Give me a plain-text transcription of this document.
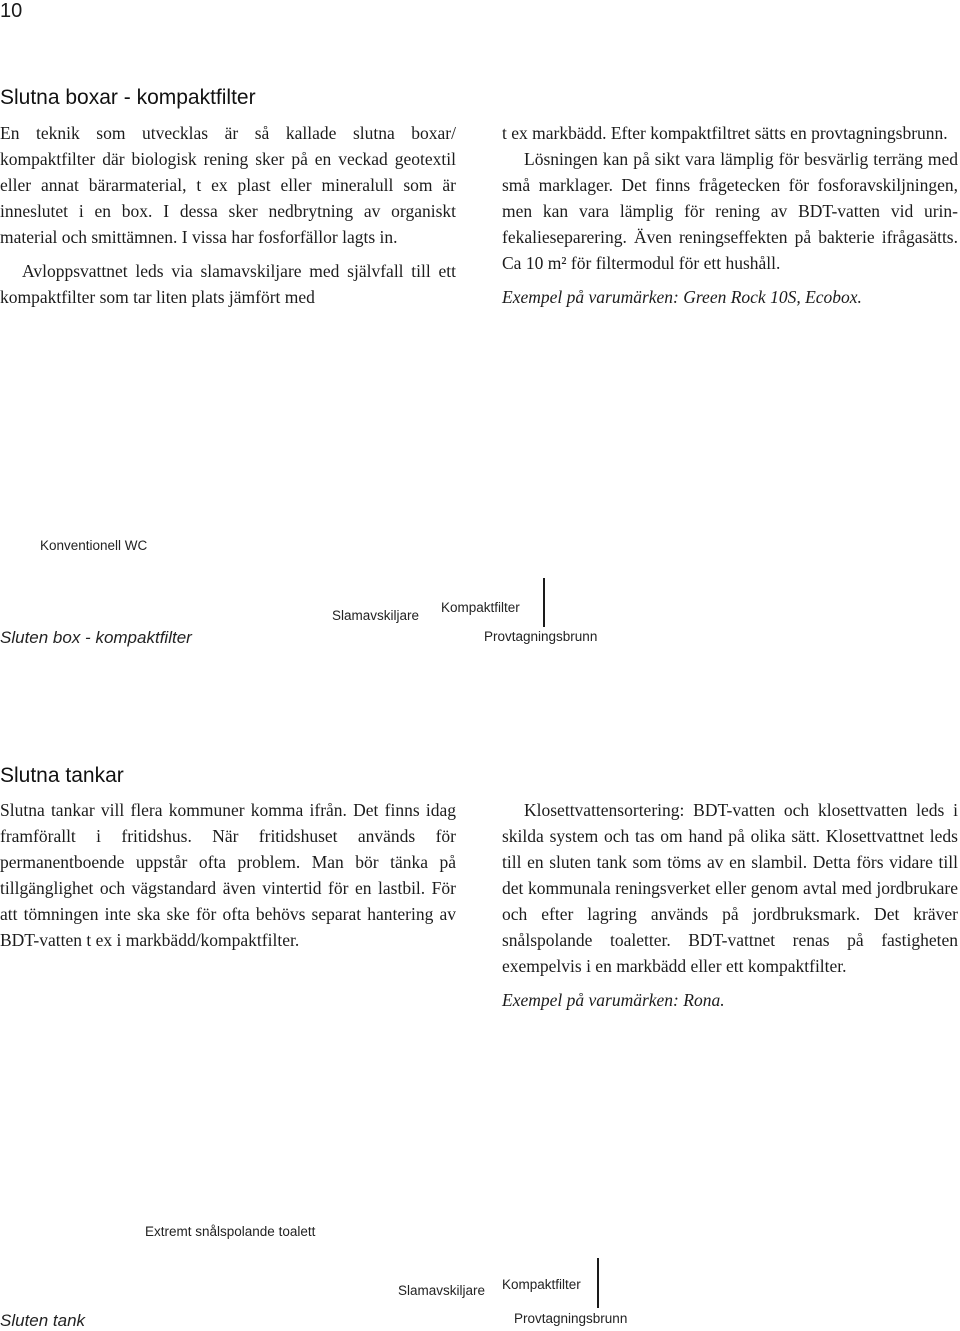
10
Slutna boxar - kompaktfilter

En teknik som utvecklas är så kallade slutna boxar/ kompaktfilter där biologisk rening sker på en veckad geotextil eller annat bärarmaterial, t ex plast eller mineralull som är inneslutet i en box. I dessa sker nedbrytning av organiskt material och smittämnen. I vissa har fosforfällor lagts in.

Avloppsvattnet leds via slamavskiljare med självfall till ett kompaktfilter som tar liten plats jämfört med

t ex markbädd. Efter kompaktfiltret sätts en provtagningsbrunn.

Lösningen kan på sikt vara lämplig för besvärlig terräng med små marklager. Det finns frågetecken för fosforavskiljningen, men kan vara lämplig för rening av BDT-vatten vid urin-fekalieseparering. Även reningseffekten på bakterie ifrågasätts. Ca 10 m² för filtermodul för ett hushåll.

Exempel på varumärken: Green Rock 10S, Ecobox.

Konventionell WC
Slamavskiljare
Kompaktfilter
Provtagningsbrunn
Sluten box - kompaktfilter
Slutna tankar

Slutna tankar vill flera kommuner komma ifrån. Det finns idag framförallt i fritidshus. När fritidshuset används för permanentboende uppstår ofta problem. Man bör tänka på tillgänglighet och vägstandard även vintertid för en lastbil. För att tömningen inte ska ske för ofta behövs separat hantering av BDT-vatten t ex i markbädd/kompaktfilter.

Klosettvattensortering: BDT-vatten och klosettvatten leds i skilda system och tas om hand på olika sätt. Klosettvattnet leds till en sluten tank som töms av en slambil. Detta förs vidare till det kommunala reningsverket eller genom avtal med jordbrukare och efter lagring används på jordbruksmark. Det kräver snålspolande toaletter. BDT-vattnet renas på fastigheten exempelvis i en markbädd eller ett kompaktfilter.

Exempel på varumärken: Rona.

Extremt snålspolande toalett
Slamavskiljare Kompaktfilter
Provtagningsbrunn
Sluten tank
